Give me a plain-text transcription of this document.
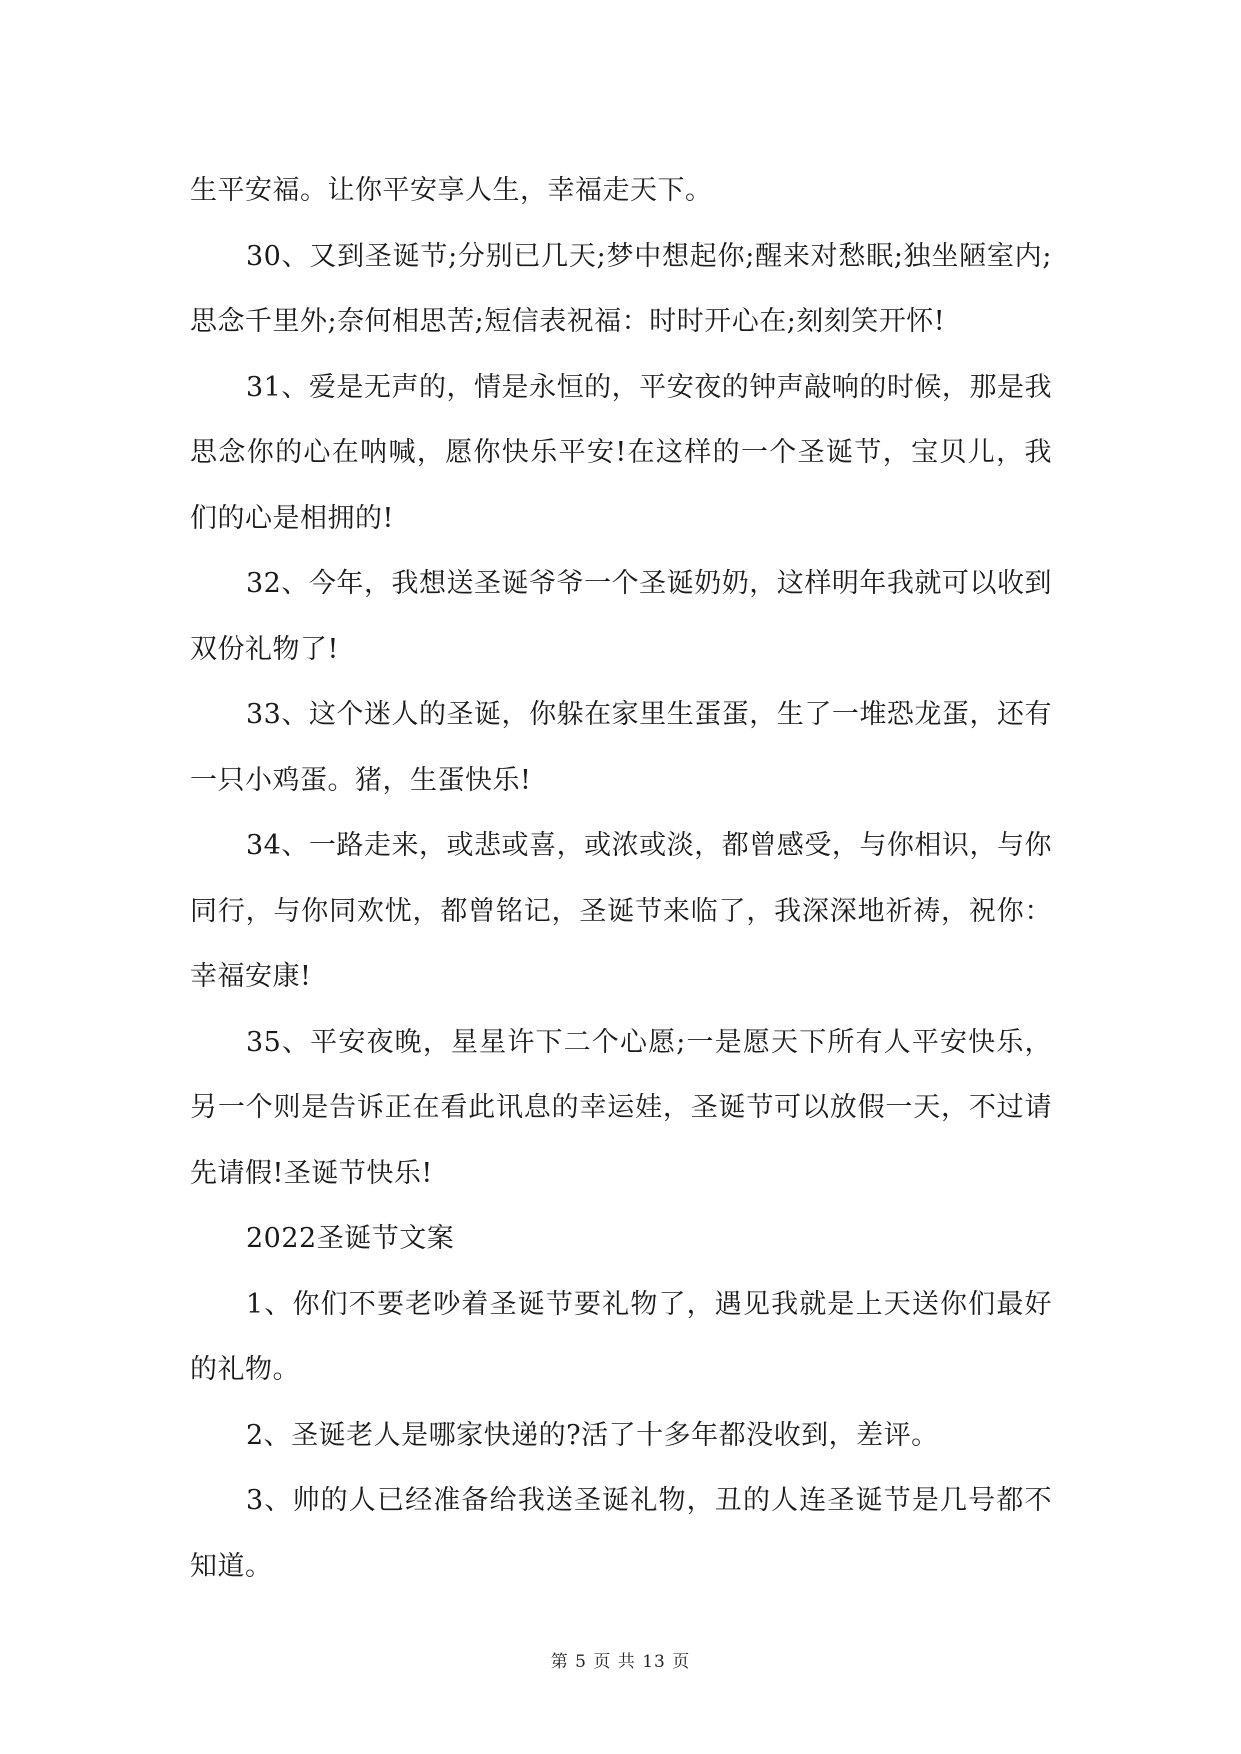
生平安福。让你平安享人生，幸福走天下。

30、又到圣诞节;分别已几天;梦中想起你;醒来对愁眠;独坐陋室内;思念千里外;奈何相思苦;短信表祝福：时时开心在;刻刻笑开怀!

31、爱是无声的，情是永恒的，平安夜的钟声敲响的时候，那是我思念你的心在呐喊，愿你快乐平安!在这样的一个圣诞节，宝贝儿，我们的心是相拥的!

32、今年，我想送圣诞爷爷一个圣诞奶奶，这样明年我就可以收到双份礼物了!

33、这个迷人的圣诞，你躲在家里生蛋蛋，生了一堆恐龙蛋，还有一只小鸡蛋。猪，生蛋快乐!

34、一路走来，或悲或喜，或浓或淡，都曾感受，与你相识，与你同行，与你同欢忧，都曾铭记，圣诞节来临了，我深深地祈祷，祝你：幸福安康!

35、平安夜晚，星星许下二个心愿;一是愿天下所有人平安快乐，另一个则是告诉正在看此讯息的幸运娃，圣诞节可以放假一天，不过请先请假!圣诞节快乐!

2022圣诞节文案

1、你们不要老吵着圣诞节要礼物了，遇见我就是上天送你们最好的礼物。

2、圣诞老人是哪家快递的?活了十多年都没收到，差评。

3、帅的人已经准备给我送圣诞礼物，丑的人连圣诞节是几号都不知道。

第 5 页 共 13 页
